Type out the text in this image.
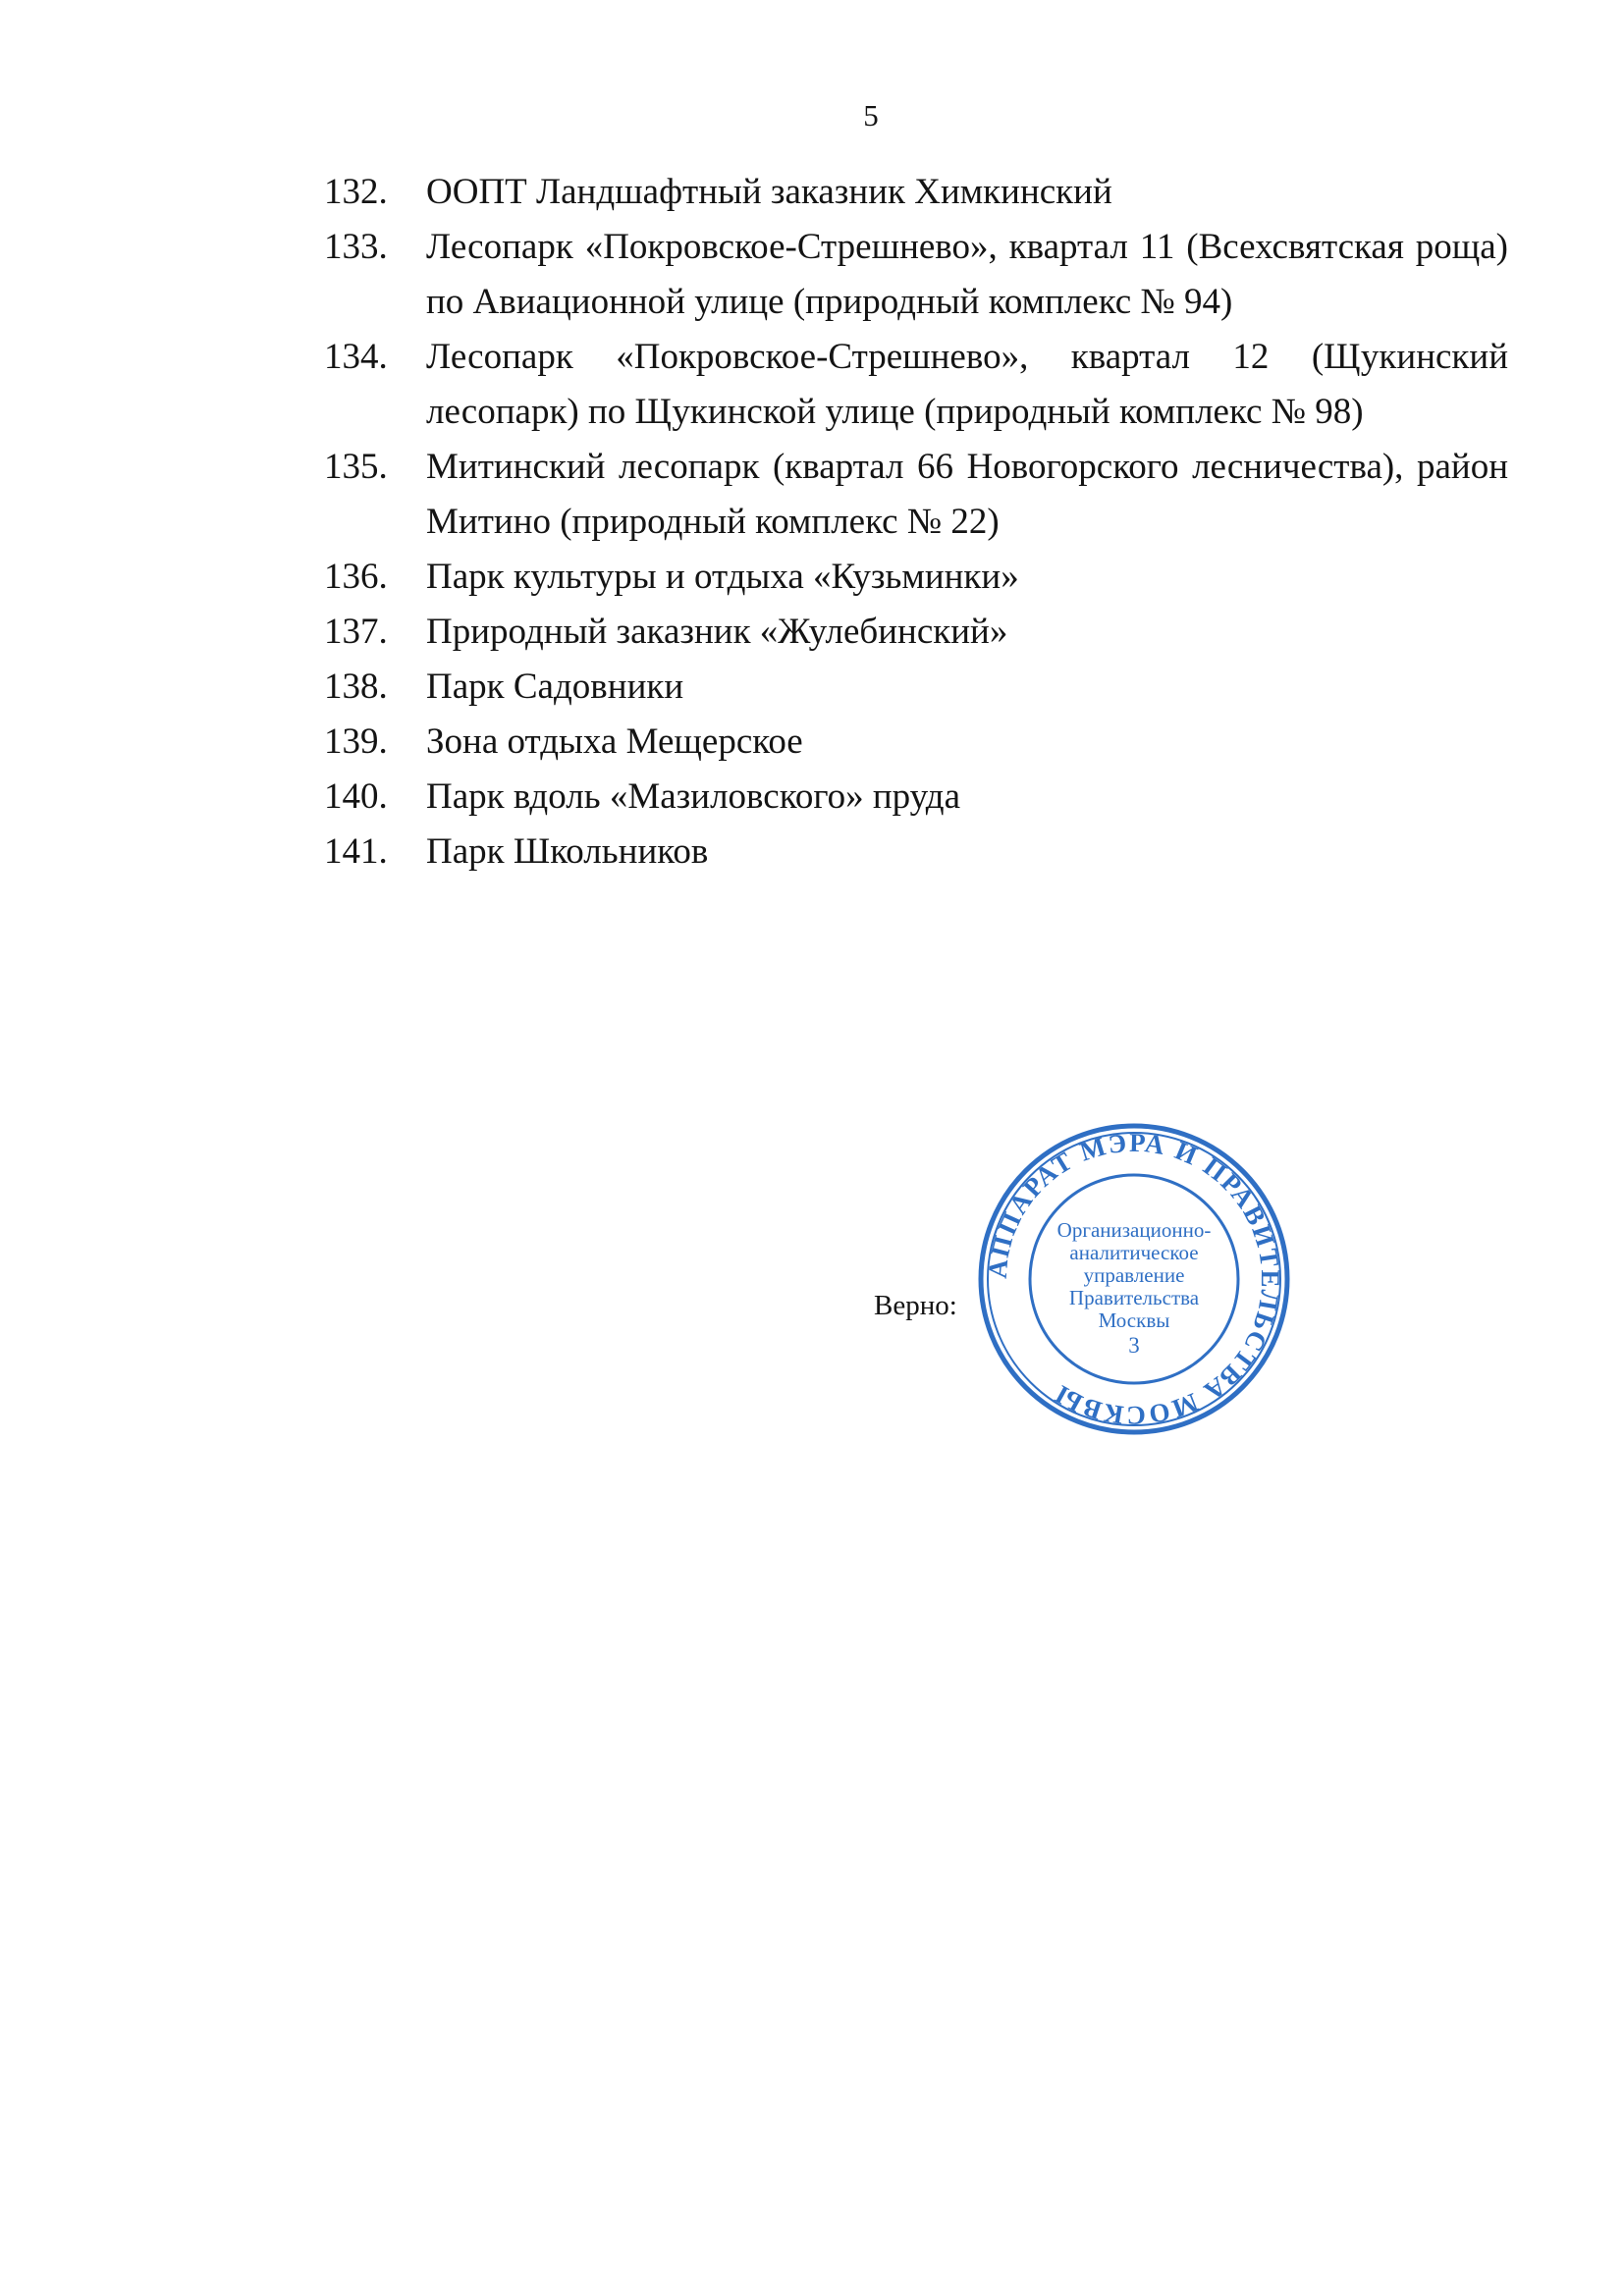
5
132.	ООПТ Ландшафтный заказник Химкинский
133.	Лесопарк «Покровское-Стрешнево», квартал 11 (Всехсвятская роща) по Авиационной улице (природный комплекс № 94)
134.	Лесопарк «Покровское-Стрешнево», квартал 12 (Щукинский лесопарк) по Щукинской улице (природный комплекс № 98)
135.	Митинский лесопарк (квартал 66 Новогорского лесничества), район Митино (природный комплекс № 22)
136.	Парк культуры и отдыха «Кузьминки»
137.	Природный заказник «Жулебинский»
138.	Парк Садовники
139.	Зона отдыха Мещерское
140.	Парк вдоль «Мазиловского» пруда
141.	Парк Школьников
Верно:
АППАРАТ МЭРА И ПРАВИТЕЛЬСТВА МОСКВЫ
Организационно-
аналитическое
управление
Правительства
Москвы
3
